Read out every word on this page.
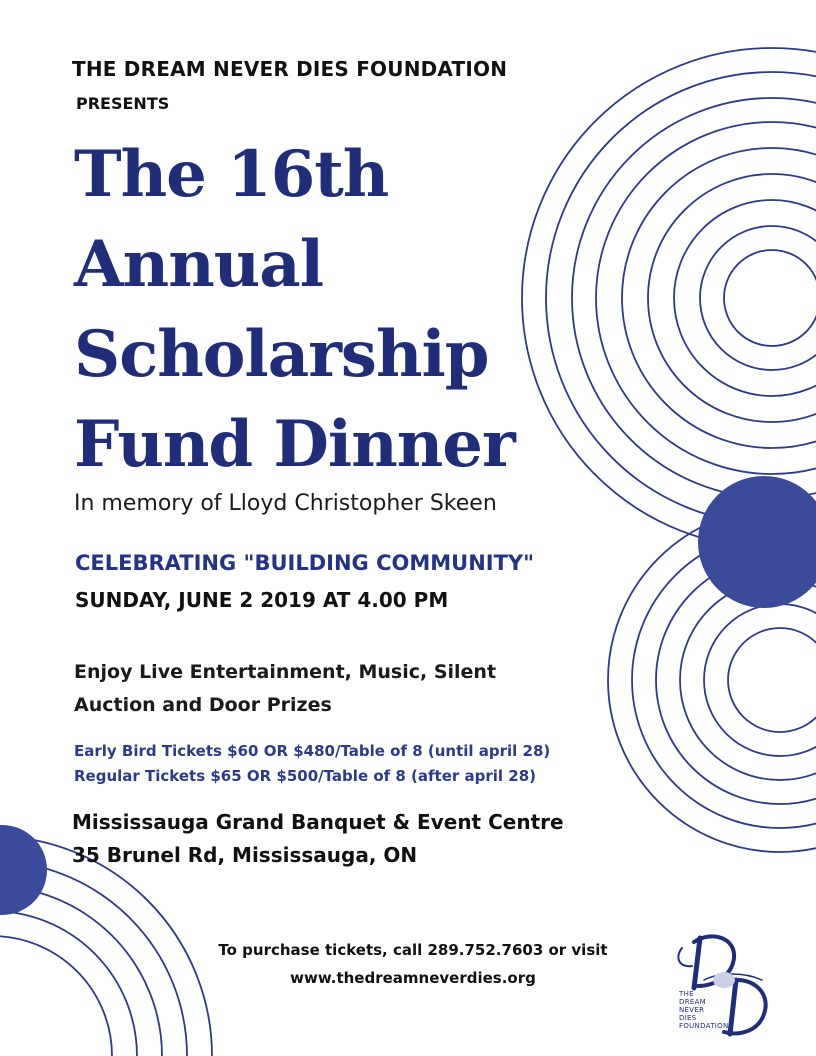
THE DREAM NEVER DIES FOUNDATION

PRESENTS

The 16th
Annual
Scholarship
Fund Dinner

In memory of Lloyd Christopher Skeen

CELEBRATING "BUILDING COMMUNITY"

SUNDAY, JUNE 2 2019 AT 4.00 PM

Enjoy Live Entertainment, Music, Silent
Auction and Door Prizes
Early Bird Tickets $60 OR $480/Table of 8 (until april 28)
Regular Tickets $65 OR $500/Table of 8 (after april 28)
Mississauga Grand Banquet & Event Centre
35 Brunel Rd, Mississauga, ON
To purchase tickets, call 289.752.7603 or visit
www.thedreamneverdies.org
THE
DREAM
NEVER
DIES
FOUNDATION
